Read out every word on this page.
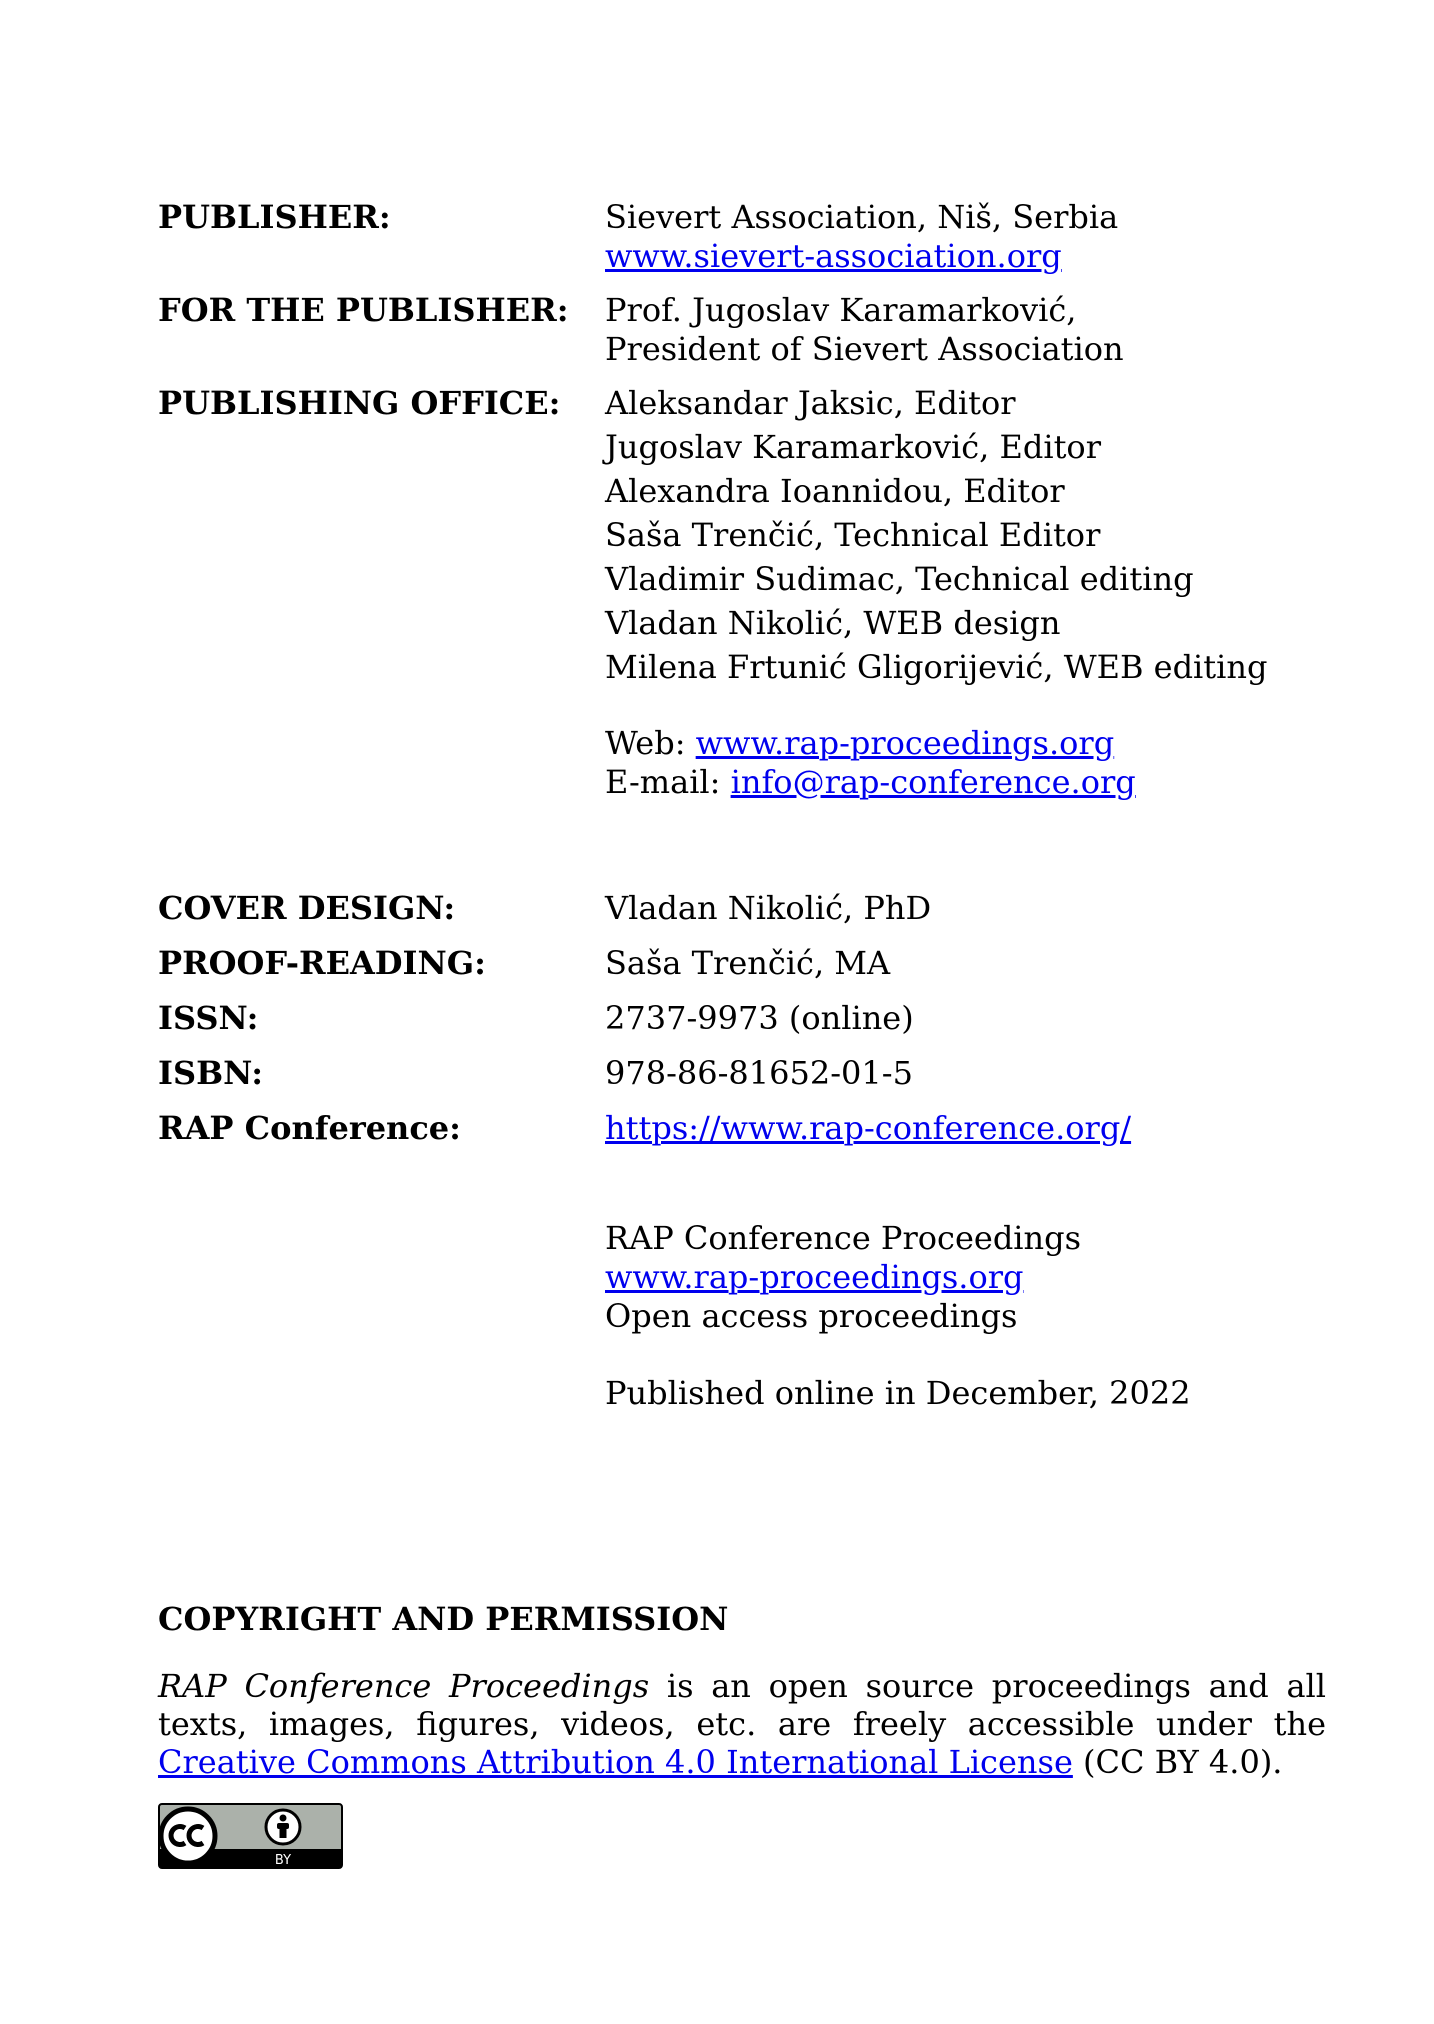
PUBLISHER:	Sievert Association, Niš, Serbia
www.sievert-association.org
FOR THE PUBLISHER: Prof. Jugoslav Karamarković,
President of Sievert Association
PUBLISHING OFFICE: Aleksandar Jaksic, Editor
Jugoslav Karamarković, Editor
Alexandra Ioannidou, Editor
Saša Trenčić, Technical Editor
Vladimir Sudimac, Technical editing
Vladan Nikolić, WEB design
Milena Frtunić Gligorijević, WEB editing
Web: www.rap-proceedings.org
E-mail: info@rap-conference.org
COVER DESIGN:	Vladan Nikolić, PhD
PROOF-READING:	Saša Trenčić, MA
ISSN:	2737-9973 (online)
ISBN:	978-86-81652-01-5
RAP Conference:	https://www.rap-conference.org/
RAP Conference Proceedings
www.rap-proceedings.org
Open access proceedings
Published online in December, 2022
COPYRIGHT AND PERMISSION
RAP Conference Proceedings is an open source proceedings and all texts, images, figures, videos, etc. are freely accessible under the Creative Commons Attribution 4.0 International License (CC BY 4.0).
BY
